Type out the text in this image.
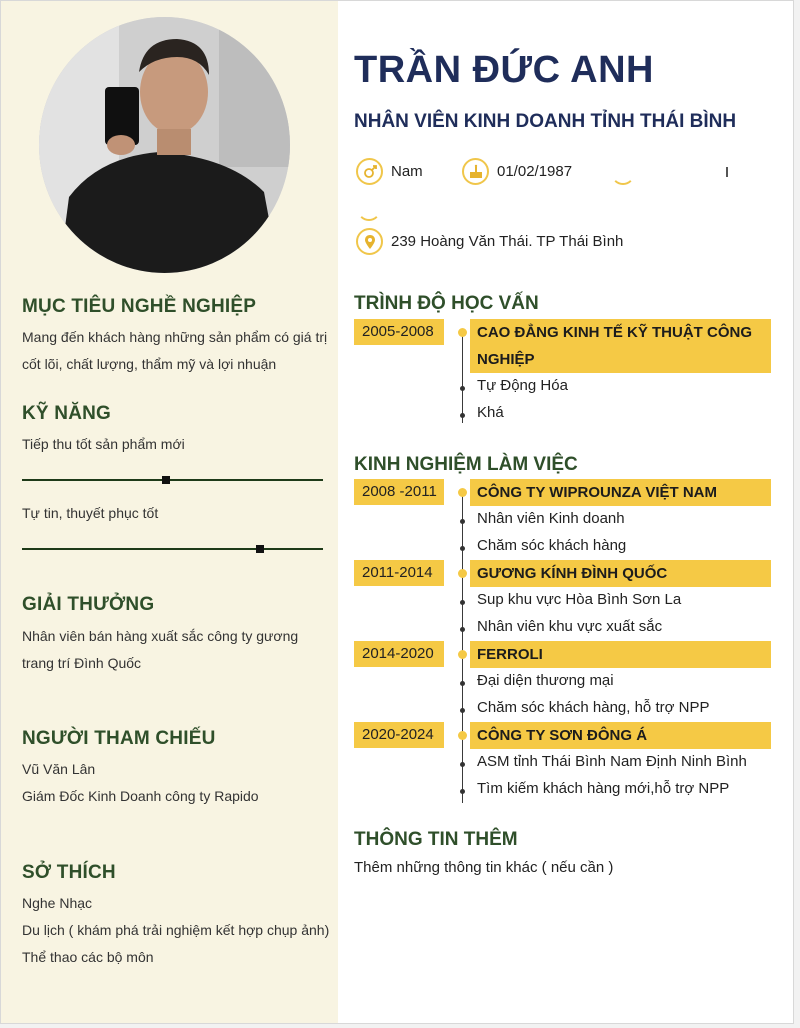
MỤC TIÊU NGHỀ NGHIỆP
Mang đến khách hàng những sản phẩm có giá trị
cốt lõi, chất lượng, thẩm mỹ và lợi nhuận
KỸ NĂNG
Tiếp thu tốt sản phẩm mới
Tự tin, thuyết phục tốt
GIẢI THƯỞNG
Nhân viên bán hàng xuất sắc công ty gương
trang trí Đình Quốc
NGƯỜI THAM CHIẾU
Vũ Văn Lân
Giám Đốc Kinh Doanh công ty Rapido
SỞ THÍCH
Nghe Nhạc
Du lịch ( khám phá trải nghiệm kết hợp chụp ảnh)
Thể thao các bộ môn
TRẦN ĐỨC ANH
NHÂN VIÊN KINH DOANH TỈNH THÁI BÌNH
Nam	01/02/1987
239 Hoàng Văn Thái. TP Thái Bình
TRÌNH ĐỘ HỌC VẤN
2005-2008	CAO ĐẲNG KINH TẾ KỸ THUẬT CÔNG
NGHIỆP
Tự Động Hóa
Khá
KINH NGHIỆM LÀM VIỆC
2008 -2011	CÔNG TY WIPROUNZA VIỆT NAM
Nhân viên Kinh doanh
Chăm sóc khách hàng
2011-2014	GƯƠNG KÍNH ĐÌNH QUỐC
Sup khu vực Hòa Bình Sơn La
Nhân viên khu vực xuất sắc
2014-2020	FERROLI
Đại diện thương mại
Chăm sóc khách hàng, hỗ trợ NPP
2020-2024	CÔNG TY SƠN ĐÔNG Á
ASM tỉnh Thái Bình Nam Định Ninh Bình
Tìm kiếm khách hàng mới,hỗ trợ NPP
THÔNG TIN THÊM
Thêm những thông tin khác ( nếu cần )
